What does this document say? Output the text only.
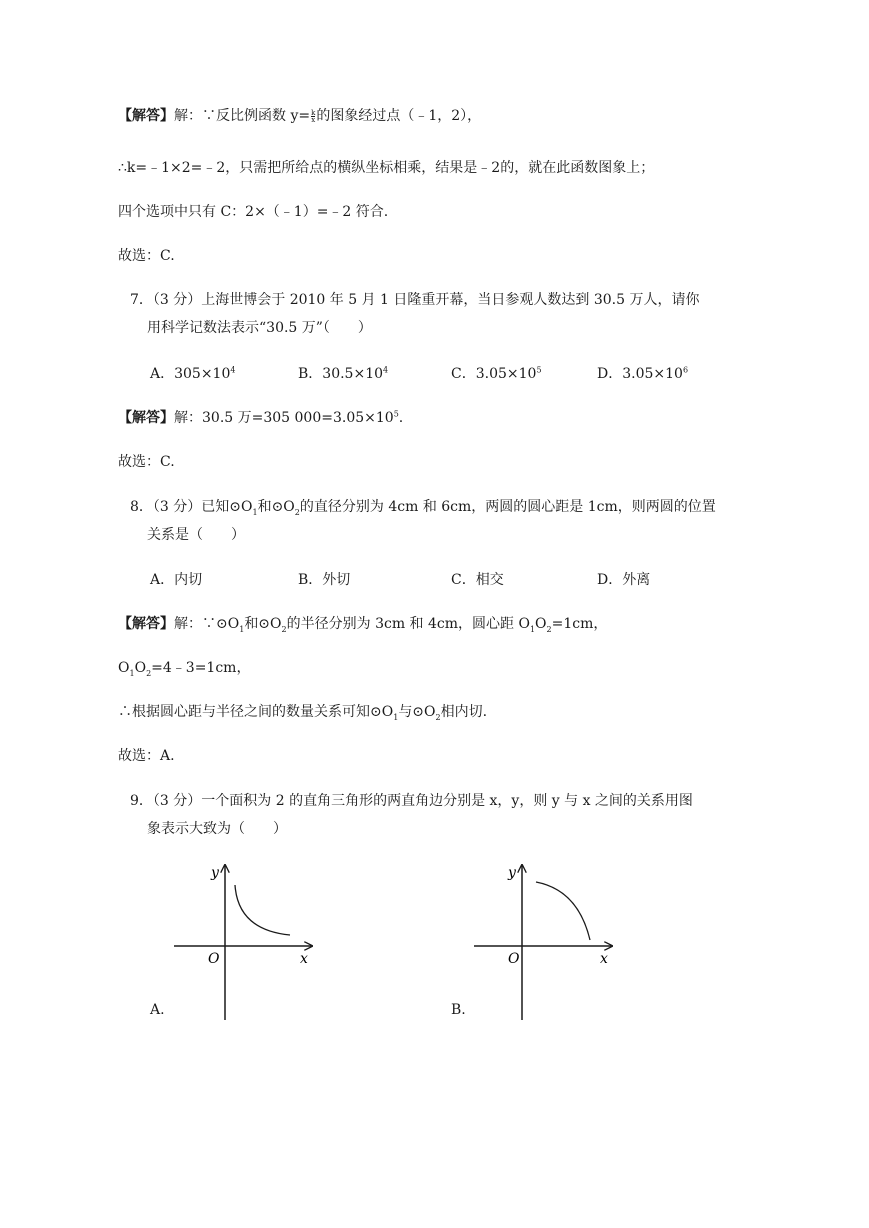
【解答】解：∵反比例函数 $y= \frac{k}{x}$ 的图象经过点（﹣1，2），
∴k=﹣1×2=﹣2，只需把所给点的横纵坐标相乘，结果是﹣2的，就在此函数图象上；
四个选项中只有 C：2×（﹣1）=﹣2 符合.
故选：C.
7．（3 分）上海世博会于 2010 年 5 月 1 日隆重开幕，当日参观人数达到 30.5 万人，请你
用科学记数法表示“30.5 万”（　　）
A．$305\times 10^4$	B．$30.5\times 10^4$	C．$3.05\times 10^5$	D．$3.05\times 10^6$
【解答】解：30.5 万=305 $000=3.05\times 10^5$.
故选：C.
8．（3 分）已知$⊙O_1$和$⊙O_2$的直径分别为 4cm 和 6cm，两圆的圆心距是 1cm，则两圆的位置
关系是（　　）
A．内切	B．外切	C．相交	D．外离
【解答】解：$\because⊙O_1$和$⊙O_2$的半径分别为 3cm 和 4cm，圆心距 $O_1O_2=1cm$，
$O_1O_2=4﹣3=1cm$，
∴根据圆心距与半径之间的数量关系可知$⊙O_1$与$⊙O_2$相内切.
故选：A.
9．（3 分）一个面积为 2 的直角三角形的两直角边分别是 x，y，则 y 与 x 之间的关系用图
象表示大致为（　　）
y
x
O
A.
y
x
O
B.
